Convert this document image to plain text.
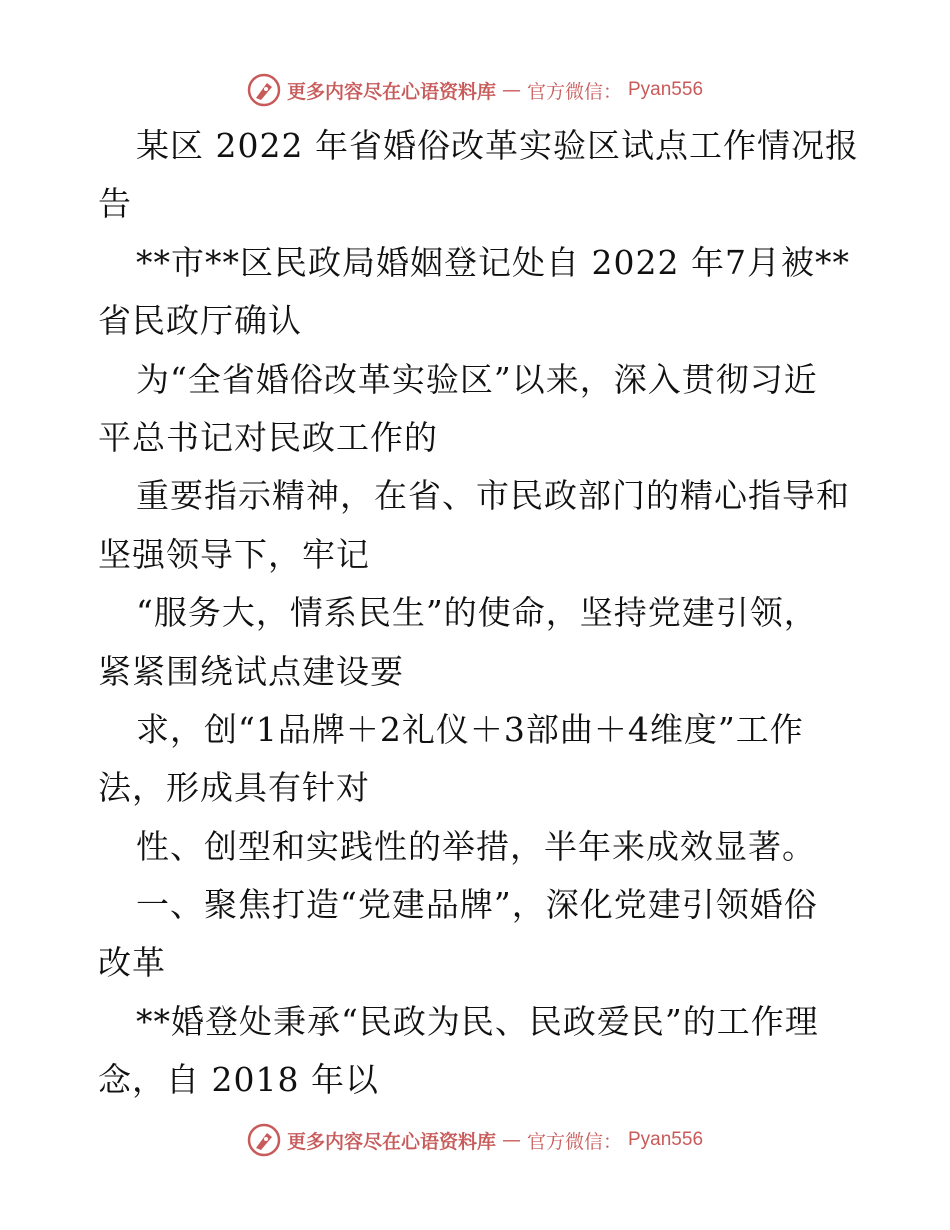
更多内容尽在心语资料库 — 官方微信： Pyan556
某区 2022 年省婚俗改革实验区试点工作情况报
告
**市**区民政局婚姻登记处自 2022 年7月被**
省民政厅确认
为“全省婚俗改革实验区”以来，深入贯彻习近
平总书记对民政工作的
重要指示精神，在省、市民政部门的精心指导和
坚强领导下，牢记
“服务大，情系民生”的使命，坚持党建引领，
紧紧围绕试点建设要
求，创“1品牌＋2礼仪＋3部曲＋4维度”工作
法，形成具有针对
性、创型和实践性的举措，半年来成效显著。
一、聚焦打造“党建品牌”，深化党建引领婚俗
改革
**婚登处秉承“民政为民、民政爱民”的工作理
念，自 2018 年以
更多内容尽在心语资料库 — 官方微信： Pyan556
